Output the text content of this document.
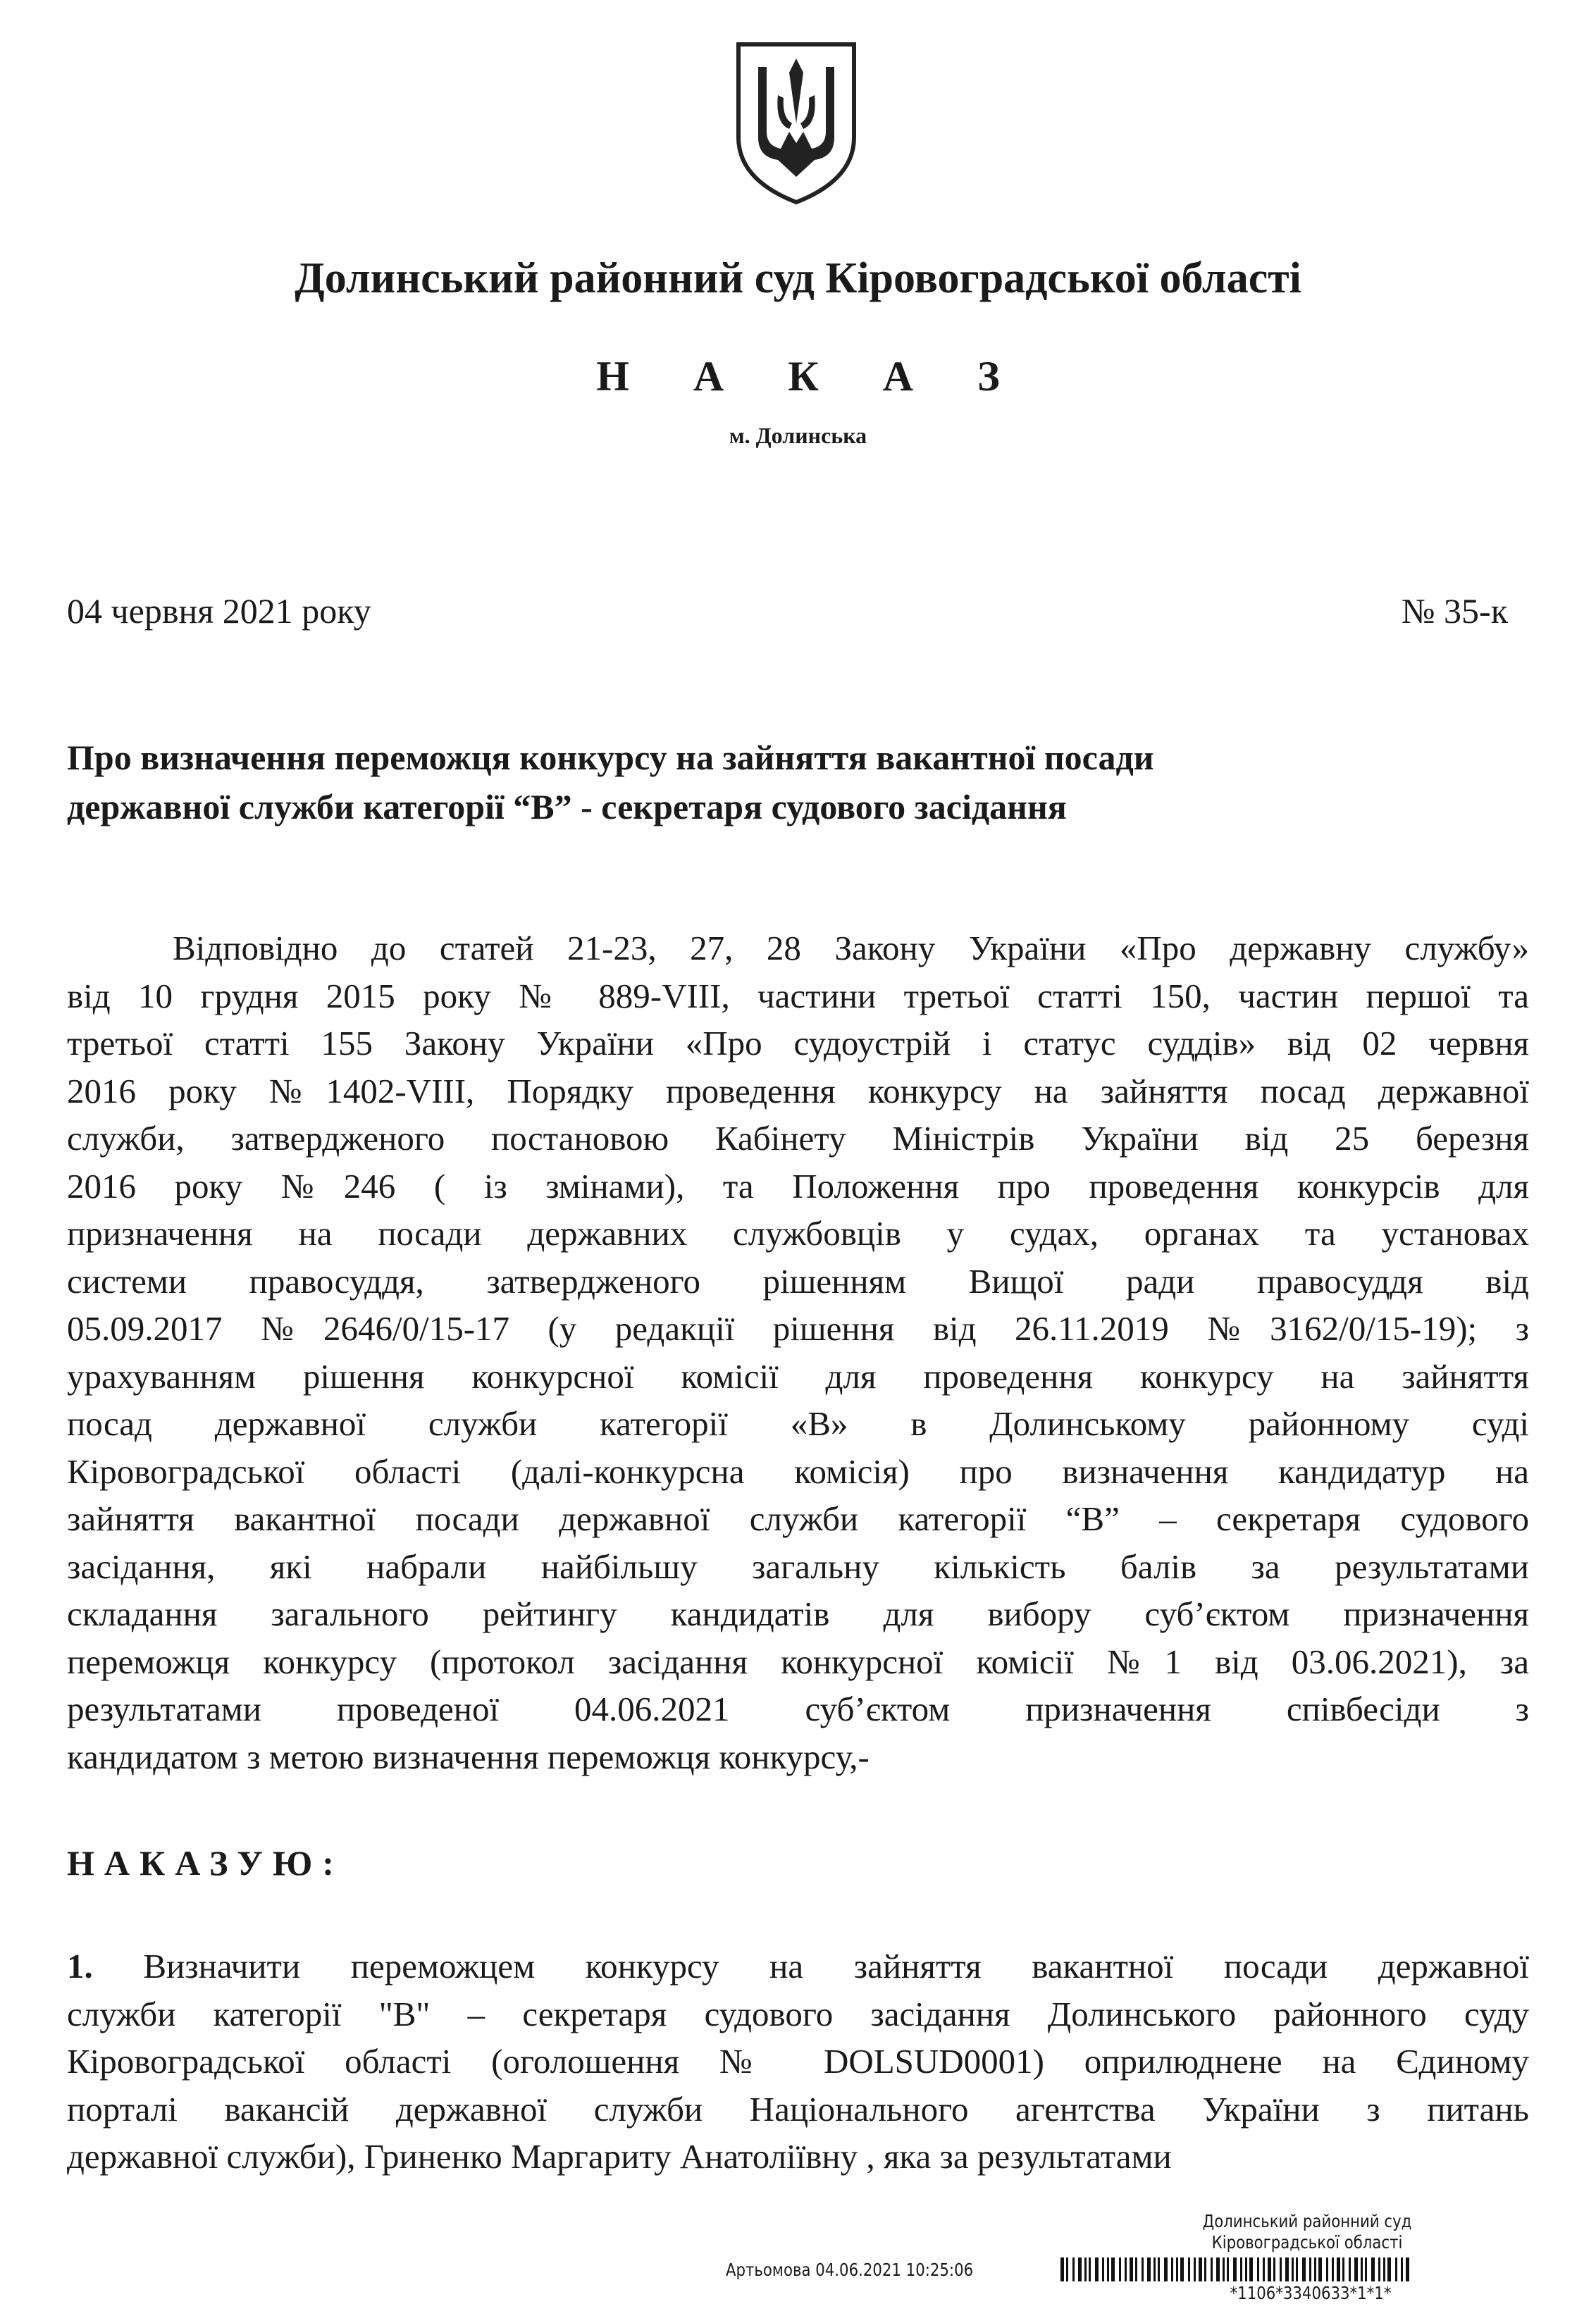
Долинський районний суд Кіровоградської області
Н А К А З
м. Долинська
04 червня 2021 року	№ 35-к
Про визначення переможця конкурсу на зайняття вакантної посади
державної служби категорії “В” - секретаря судового засідання
Відповідно до статей 21-23, 27, 28 Закону України «Про державну службу»
від 10 грудня 2015 року № 889-VIII, частини третьої статті 150, частин першої та
третьої статті 155 Закону України «Про судоустрій і статус суддів» від 02 червня
2016 року №1402-VIII, Порядку проведення конкурсу на зайняття посад державної
служби, затвердженого постановою Кабінету Міністрів України від 25 березня
2016 року №246 ( із змінами), та Положення про проведення конкурсів для
призначення на посади державних службовців у судах, органах та установах
системи правосуддя, затвердженого рішенням Вищої ради правосуддя від
05.09.2017 №2646/0/15-17 (у редакції рішення від 26.11.2019 №3162/0/15-19); з
урахуванням рішення конкурсної комісії для проведення конкурсу на зайняття
посад державної служби категорії «В» в Долинському районному суді
Кіровоградської області (далі-конкурсна комісія) про визначення кандидатур на
зайняття вакантної посади державної служби категорії “В” – секретаря судового
засідання, які набрали найбільшу загальну кількість балів за результатами
складання загального рейтингу кандидатів для вибору суб’єктом призначення
переможця конкурсу (протокол засідання конкурсної комісії №1 від 03.06.2021), за
результатами проведеної 04.06.2021 суб’єктом призначення співбесіди з
кандидатом з метою визначення переможця конкурсу,-
НАКАЗУЮ:
1. Визначити переможцем конкурсу на зайняття вакантної посади державної
служби категорії "В" – секретаря судового засідання Долинського районного суду
Кіровоградської області (оголошення № DOLSUD0001) оприлюднене на Єдиному
порталі вакансій державної служби Національного агентства України з питань
державної служби), Гриненко Маргариту Анатоліївну , яка за результатами
Долинський районний суд
Кіровоградської області
Артьомова 04.06.2021 10:25:06
*1106*3340633*1*1*
